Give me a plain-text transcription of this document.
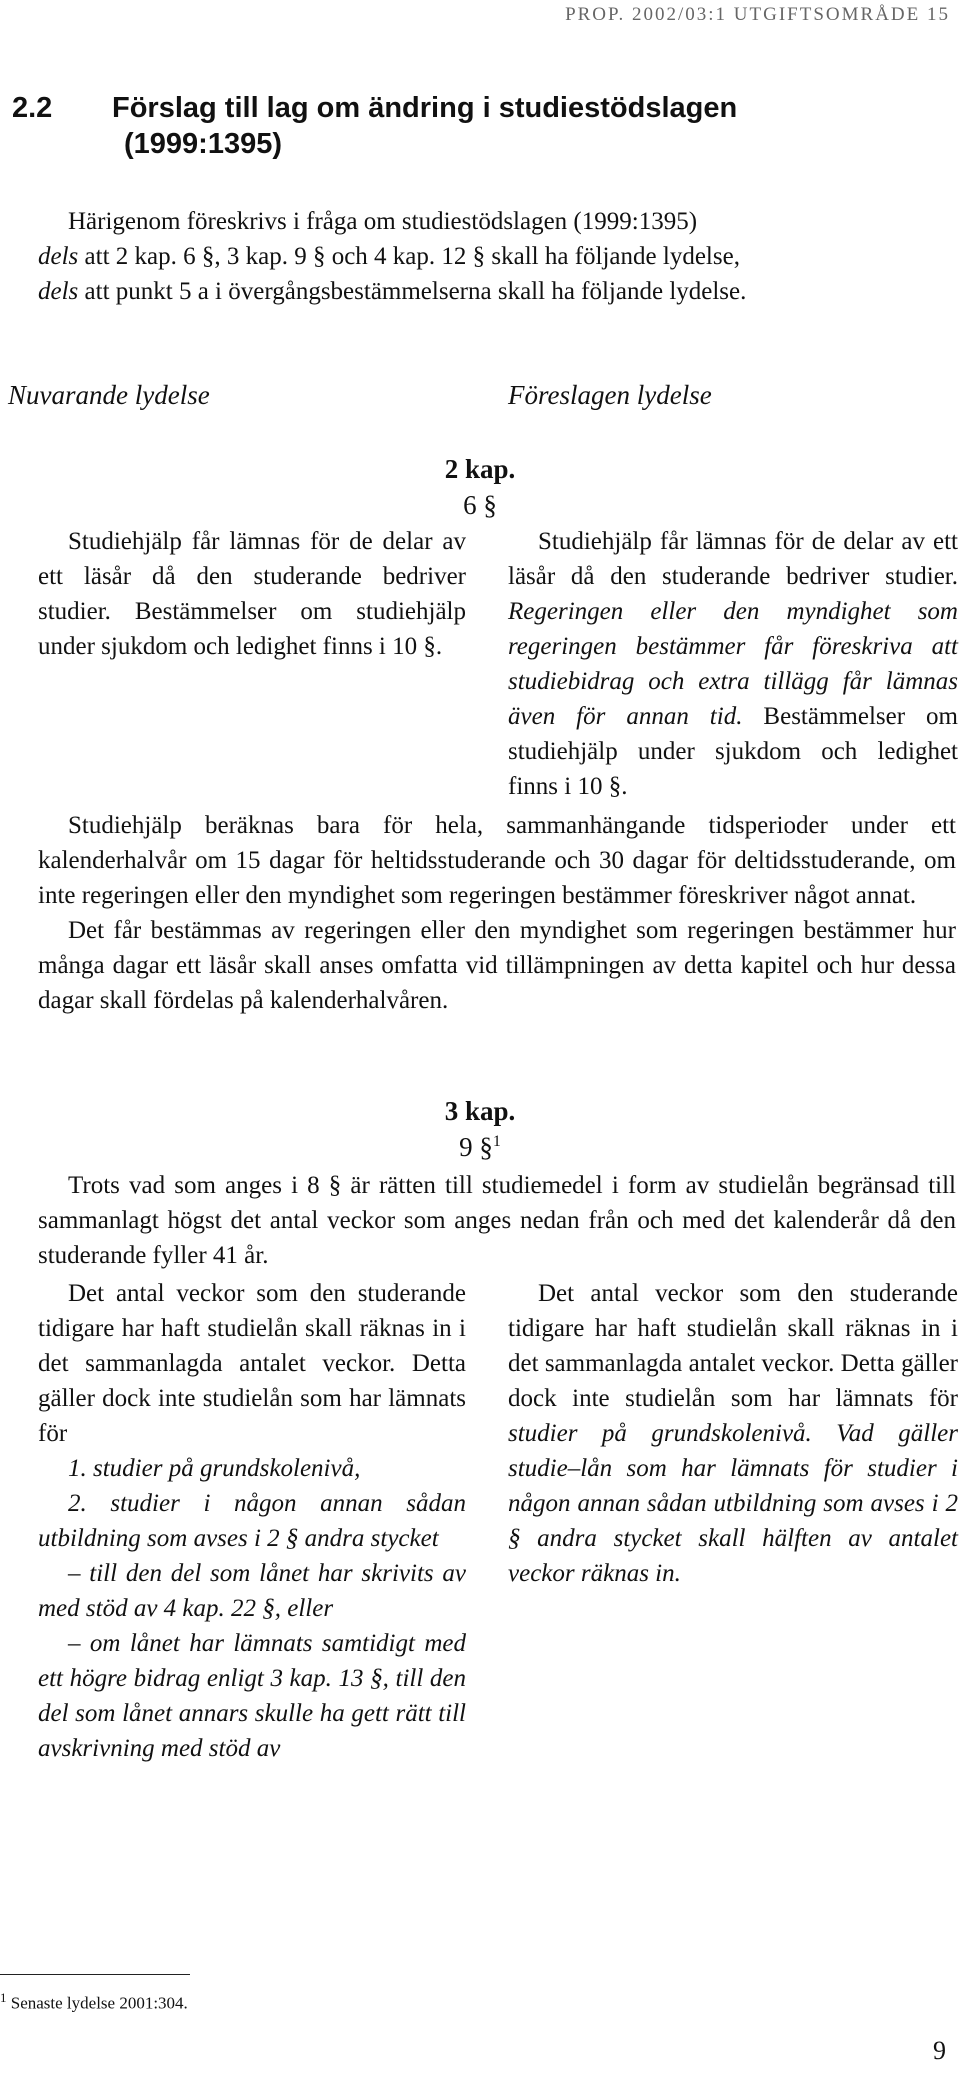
PROP. 2002/03:1 UTGIFTSOMRÅDE 15
2.2 Förslag till lag om ändring i studiestödslagen
(1999:1395)

Härigenom föreskrivs i fråga om studiestödslagen (1999:1395)
dels att 2 kap. 6 §, 3 kap. 9 § och 4 kap. 12 § skall ha följande lydelse,
dels att punkt 5 a i övergångsbestämmelserna skall ha följande lydelse.

Nuvarande lydelse	Föreslagen lydelse
2 kap.
6 §

Studiehjälp får lämnas för de delar av ett läsår då den studerande bedriver studier. Bestämmelser om studiehjälp under sjukdom och ledighet finns i 10 §.

Studiehjälp får lämnas för de delar av ett läsår då den studerande bedriver studier. Regeringen eller den myndighet som regeringen bestämmer får föreskriva att studiebidrag och extra tillägg får lämnas även för annan tid. Bestämmelser om studiehjälp under sjukdom och ledighet finns i 10 §.

Studiehjälp beräknas bara för hela, sammanhängande tidsperioder under ett kalenderhalvår om 15 dagar för heltidsstuderande och 30 dagar för deltidsstuderande, om inte regeringen eller den myndighet som regeringen bestämmer föreskriver något annat.

Det får bestämmas av regeringen eller den myndighet som regeringen bestämmer hur många dagar ett läsår skall anses omfatta vid tillämpningen av detta kapitel och hur dessa dagar skall fördelas på kalenderhalvåren.

3 kap.
9 §$^1$

Trots vad som anges i 8 § är rätten till studiemedel i form av studielån begränsad till sammanlagt högst det antal veckor som anges nedan från och med det kalenderår då den studerande fyller 41 år.

Det antal veckor som den studerande tidigare har haft studielån skall räknas in i det sammanlagda antalet veckor. Detta gäller dock inte studielån som har lämnats för

1. studier på grundskolenivå,

2. studier i någon annan sådan utbildning som avses i 2 § andra stycket

– till den del som lånet har skrivits av med stöd av 4 kap. 22 §, eller

– om lånet har lämnats samtidigt med ett högre bidrag enligt 3 kap. 13 §, till den del som lånet annars skulle ha gett rätt till avskrivning med stöd av

Det antal veckor som den studerande tidigare har haft studielån skall räknas in i det sammanlagda antalet veckor. Detta gäller dock inte studielån som har lämnats för studier på grundskolenivå. Vad gäller studie–lån som har lämnats för studier i någon annan sådan utbildning som avses i 2 § andra stycket skall hälften av antalet veckor räknas in.

$^1$ Senaste lydelse 2001:304.
9
